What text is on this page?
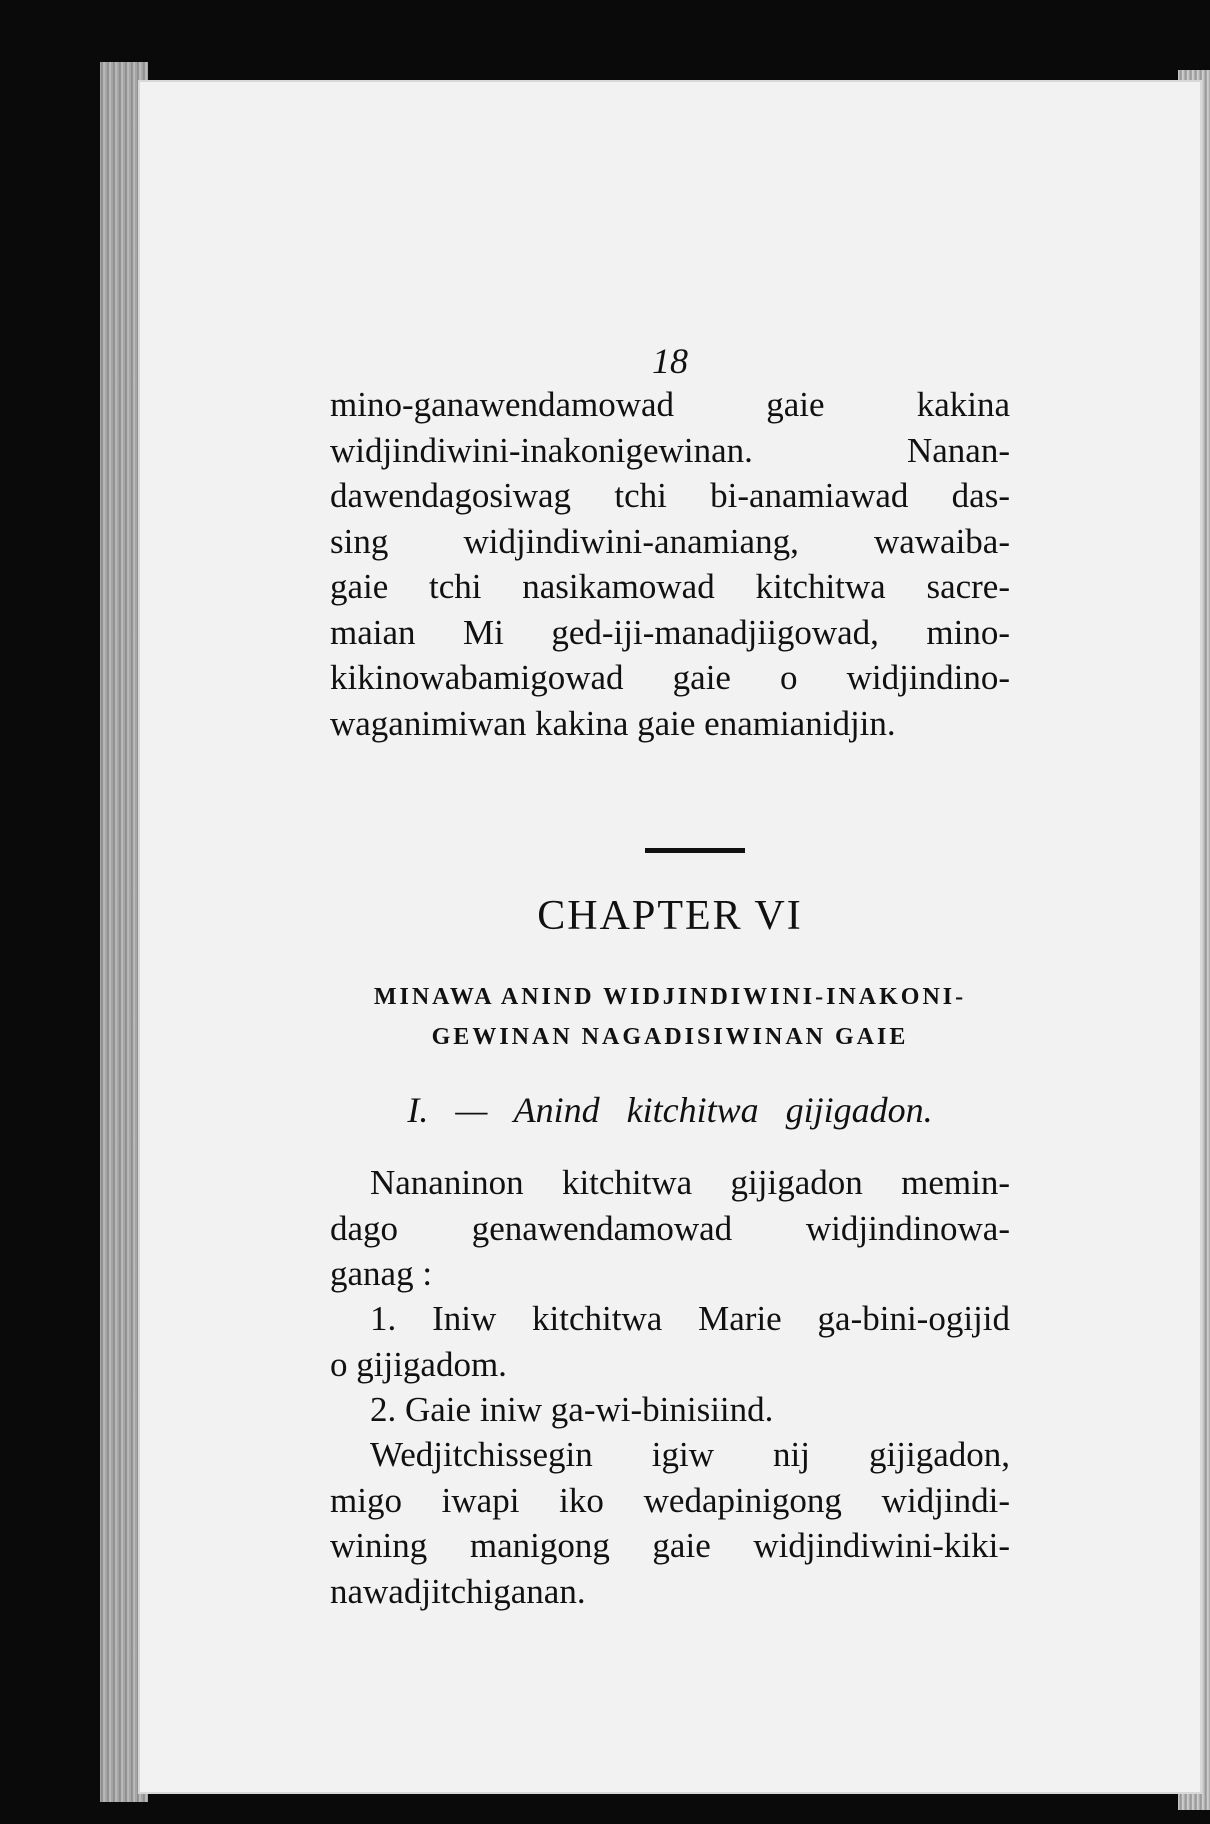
18

mino-ganawendamowad gaie kakina
widjindiwini-inakonigewinan. Nanan-
dawendagosiwag tchi bi-anamiawad das-
sing widjindiwini-anamiang, wawaiba-
gaie tchi nasikamowad kitchitwa sacre-
maian Mi ged-iji-manadjiigowad, mino-
kikinowabamigowad gaie o widjindino-
waganimiwan kakina gaie enamianidjin.

CHAPTER VI
MINAWA ANIND WIDJINDIWINI-INAKONI-
GEWINAN NAGADISIWINAN GAIE
I. — Anind kitchitwa gijigadon.

Nananinon kitchitwa gijigadon memin-
dago genawendamowad widjindinowa-
ganag :

1. Iniw kitchitwa Marie ga-bini-ogijid
o gijigadom.

2. Gaie iniw ga-wi-binisiind.

Wedjitchissegin igiw nij gijigadon,
migo iwapi iko wedapinigong widjindi-
wining manigong gaie widjindiwini-kiki-
nawadjitchiganan.
